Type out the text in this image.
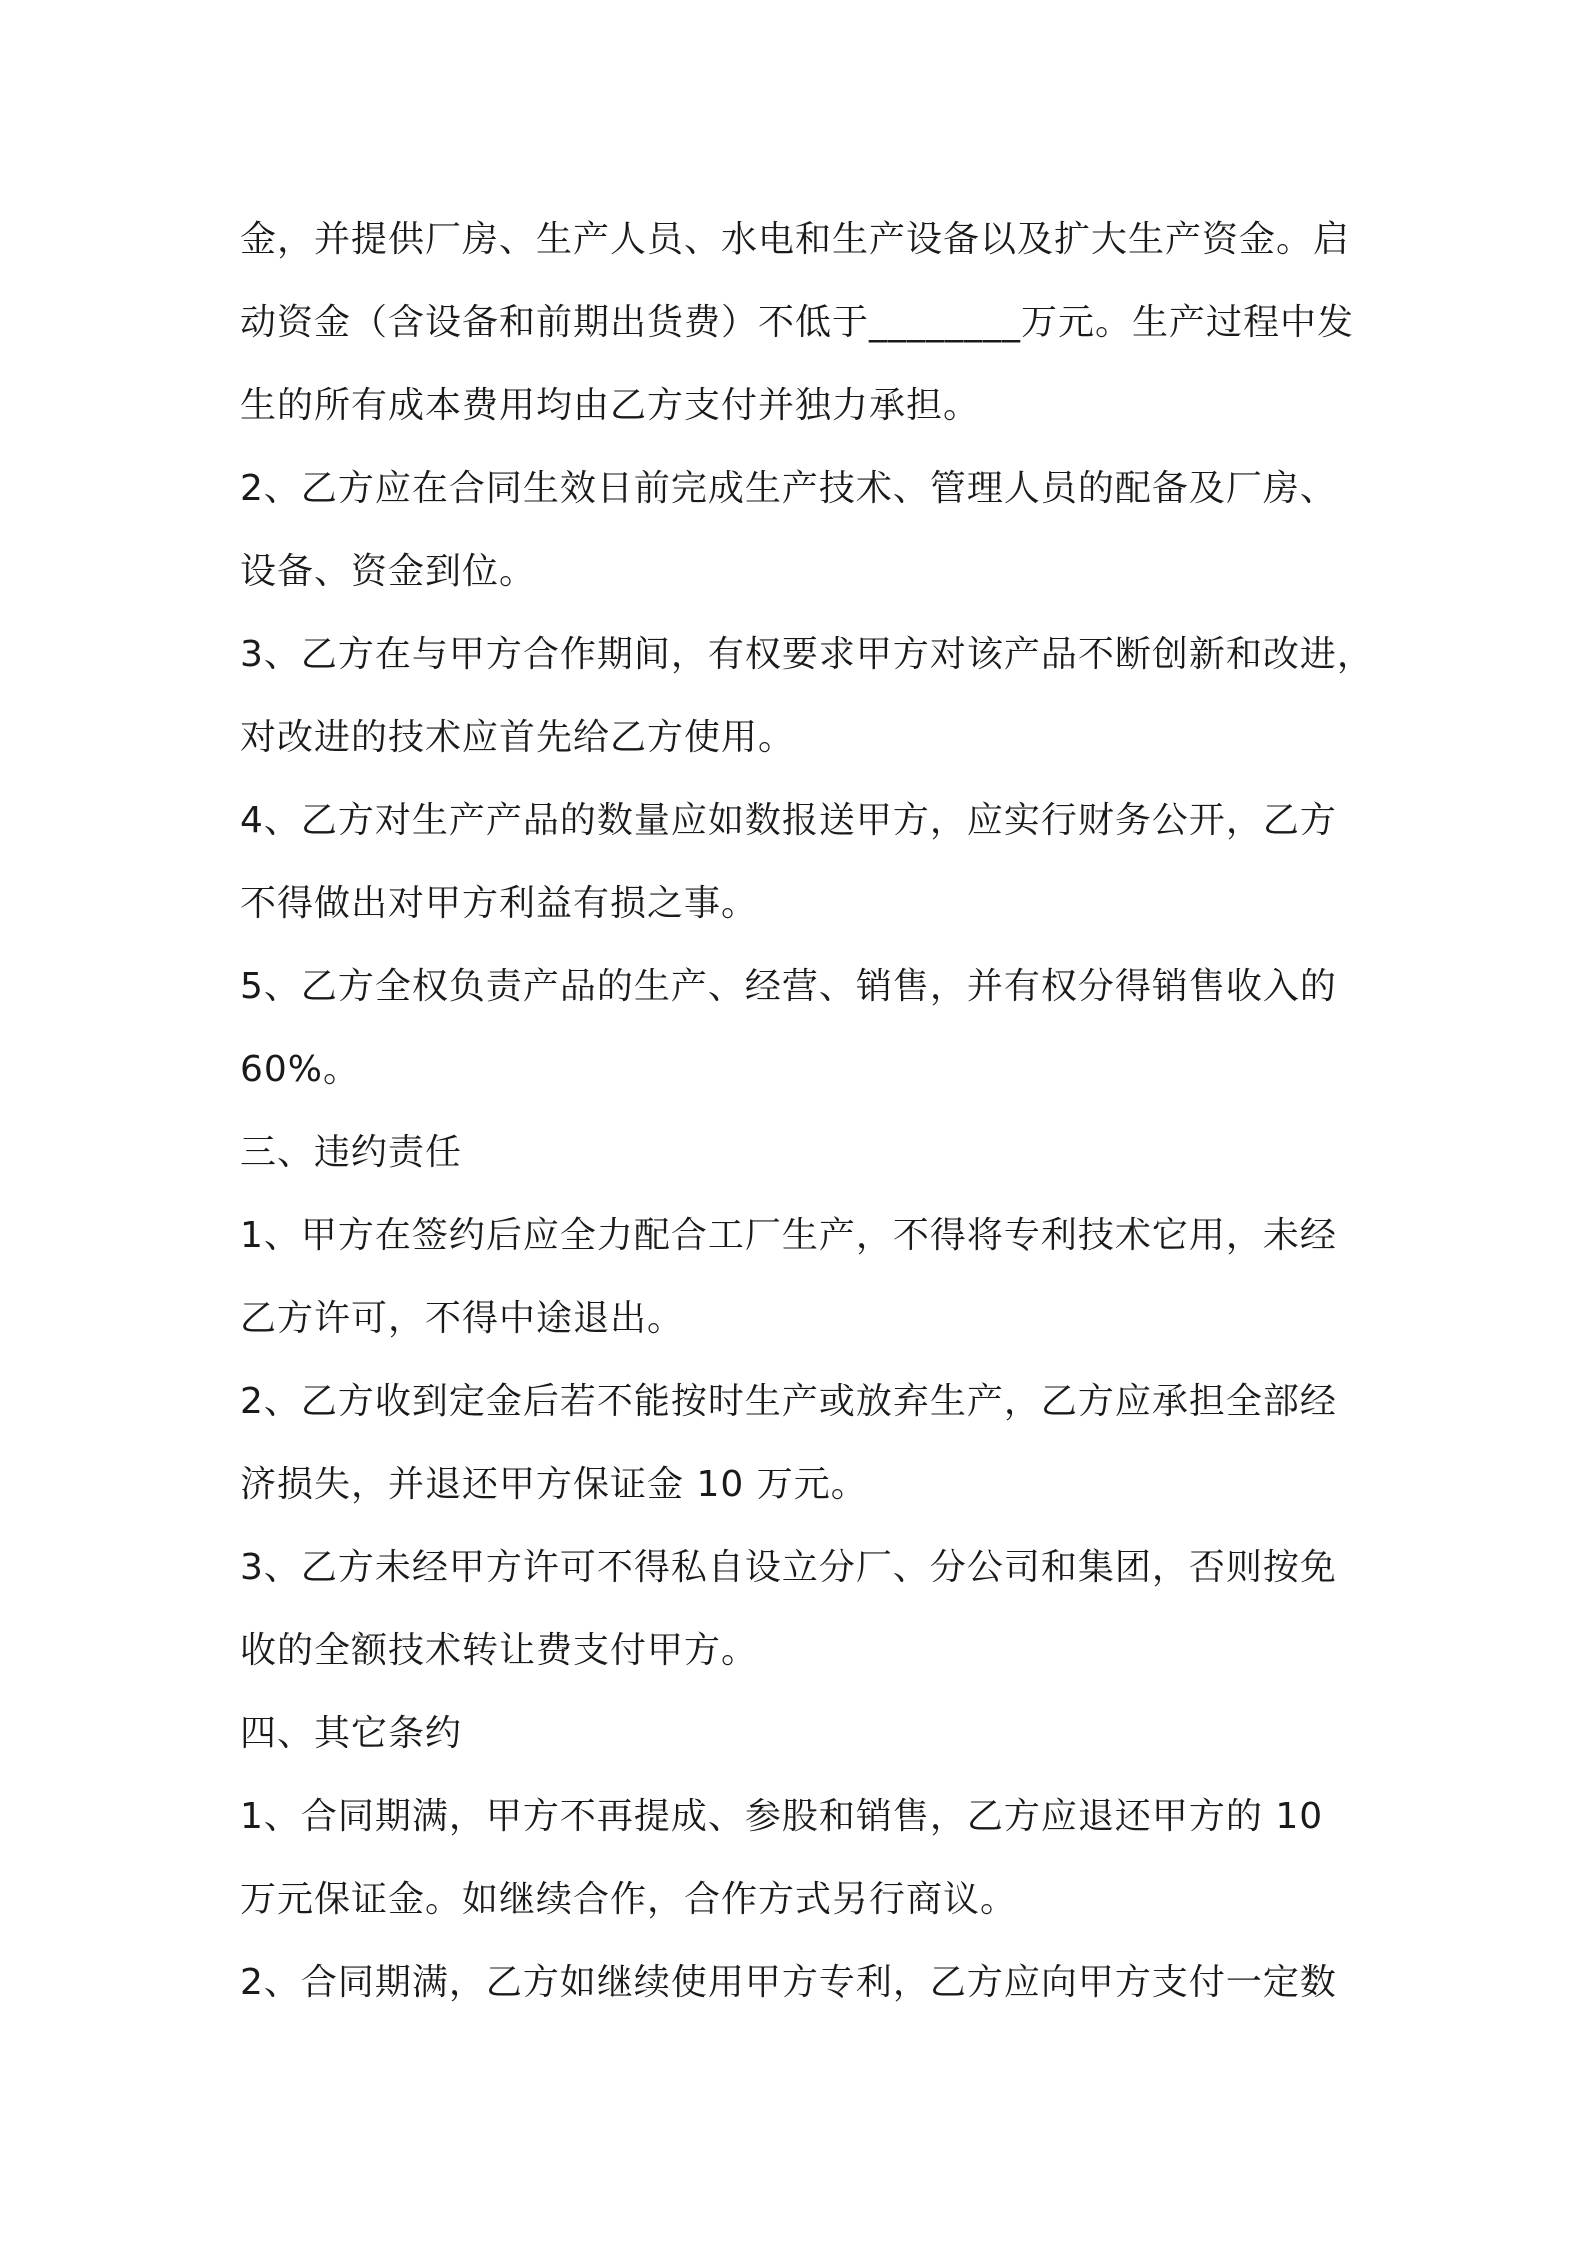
金，并提供厂房、生产人员、水电和生产设备以及扩大生产资金。启
动资金（含设备和前期出货费）不低于________万元。生产过程中发
生的所有成本费用均由乙方支付并独力承担。
2、乙方应在合同生效日前完成生产技术、管理人员的配备及厂房、
设备、资金到位。
3、乙方在与甲方合作期间，有权要求甲方对该产品不断创新和改进，
对改进的技术应首先给乙方使用。
4、乙方对生产产品的数量应如数报送甲方，应实行财务公开，乙方
不得做出对甲方利益有损之事。
5、乙方全权负责产品的生产、经营、销售，并有权分得销售收入的
60%。
三、违约责任
1、甲方在签约后应全力配合工厂生产，不得将专利技术它用，未经
乙方许可，不得中途退出。
2、乙方收到定金后若不能按时生产或放弃生产，乙方应承担全部经
济损失，并退还甲方保证金 10 万元。
3、乙方未经甲方许可不得私自设立分厂、分公司和集团，否则按免
收的全额技术转让费支付甲方。
四、其它条约
1、合同期满，甲方不再提成、参股和销售，乙方应退还甲方的 10
万元保证金。如继续合作，合作方式另行商议。
2、合同期满，乙方如继续使用甲方专利，乙方应向甲方支付一定数
